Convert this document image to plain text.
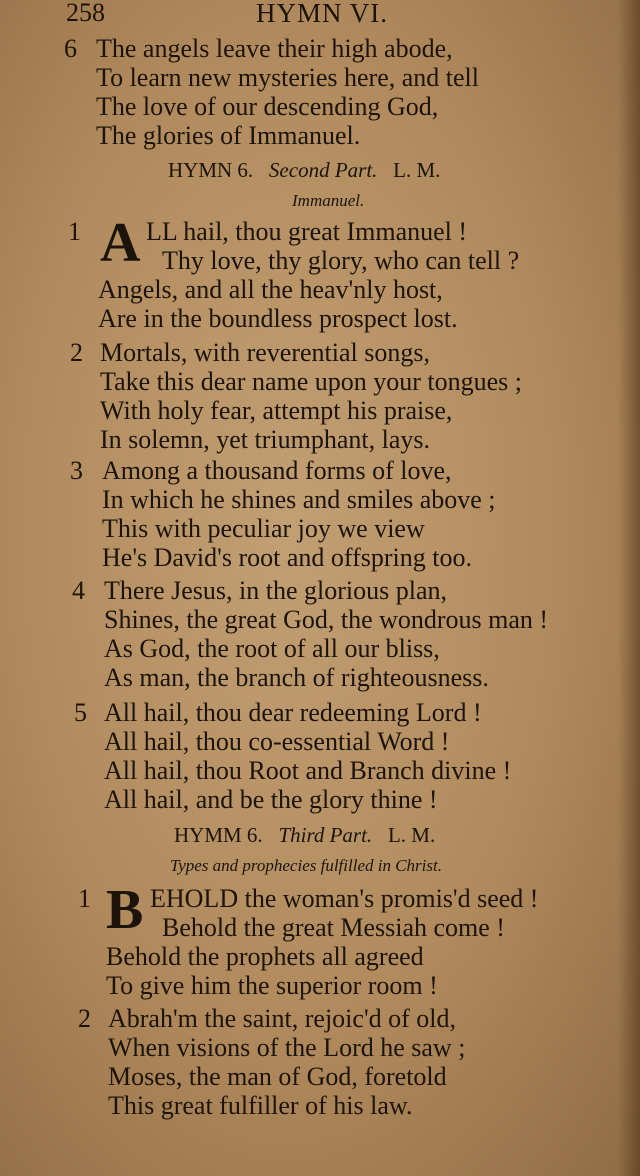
258	HYMN VI.
6 The angels leave their high abode,
To learn new mysteries here, and tell
The love of our descending God,
The glories of Immanuel.
HYMN 6. Second Part. L. M.
Immanuel.
1 A LL hail, thou great Immanuel !
Thy love, thy glory, who can tell ?
Angels, and all the heav'nly host,
Are in the boundless prospect lost.
2 Mortals, with reverential songs,
Take this dear name upon your tongues ;
With holy fear, attempt his praise,
In solemn, yet triumphant, lays.
3 Among a thousand forms of love,
In which he shines and smiles above ;
This with peculiar joy we view
He's David's root and offspring too.
4 There Jesus, in the glorious plan,
Shines, the great God, the wondrous man !
As God, the root of all our bliss,
As man, the branch of righteousness.
5 All hail, thou dear redeeming Lord !
All hail, thou co-essential Word !
All hail, thou Root and Branch divine !
All hail, and be the glory thine !
HYMM 6. Third Part. L. M.
Types and prophecies fulfilled in Christ.
1 B EHOLD the woman's promis'd seed !
Behold the great Messiah come !
Behold the prophets all agreed
To give him the superior room !
2 Abrah'm the saint, rejoic'd of old,
When visions of the Lord he saw ;
Moses, the man of God, foretold
This great fulfiller of his law.
